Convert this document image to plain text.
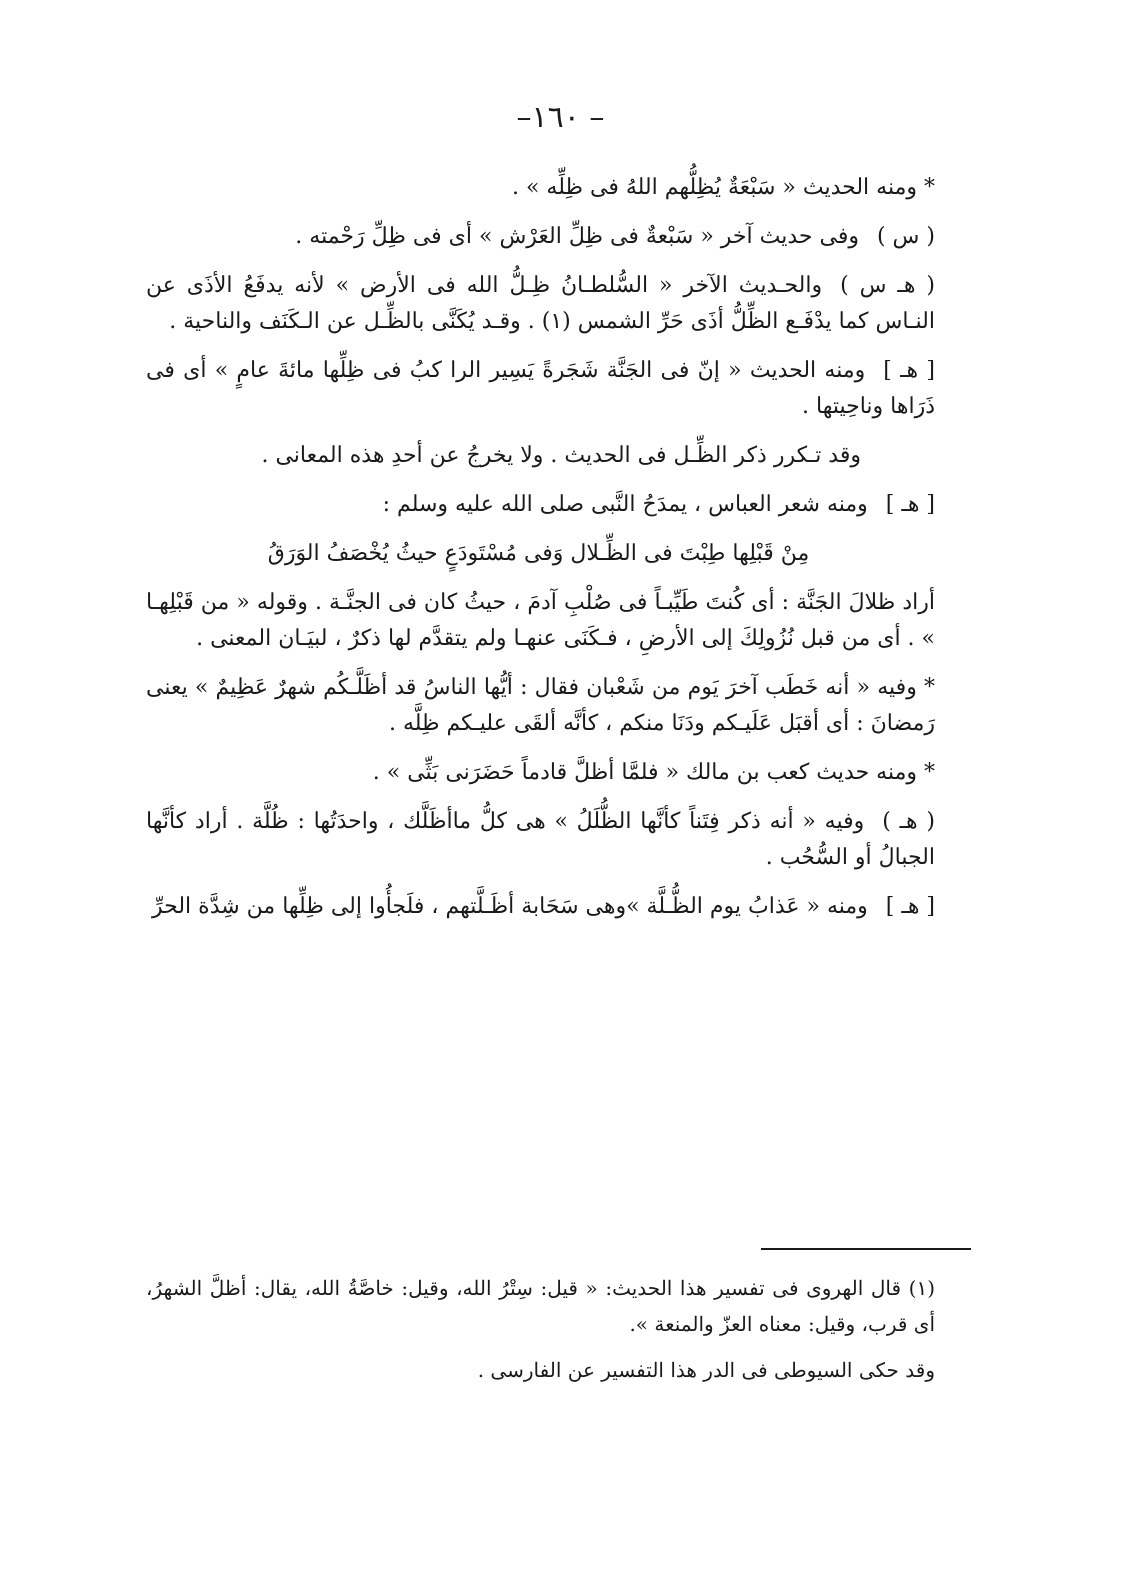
–١٦٠ –

* ومنه الحديث « سَبْعَةٌ يُظِلُّهم اللهُ فى ظِلِّه » .

( س )وفى حديث آخر « سَبْعةٌ فى ظِلِّ العَرْش » أى فى ظِلِّ رَحْمته .

( هـ س )والحـديث الآخر « السُّلطـانُ ظِـلُّ الله فى الأرض » لأنه يدفَعُ الأذَى عن النـاس كما يدْفَـع الظِّلُّ أذَى حَرِّ الشمس (١) . وقـد يُكَنَّى بالظِّـل عن الـكَنَف والناحية .

[ هـ ]ومنه الحديث « إنّ فى الجَنَّة شَجَرةً يَسِير الرا كبُ فى ظِلِّها مائةَ عامٍ » أى فى ذَرَاها وناحِيتها .

وقد تـكرر ذكر الظِّـل فى الحديث . ولا يخرجُ عن أحدِ هذه المعانى .

[ هـ ]ومنه شعر العباس ، يمدَحُ النَّبى صلى الله عليه وسلم :

مِنْ قَبْلِها طِبْتَ فى الظِّـلال وَفى مُسْتَودَعٍ حيثُ يُخْصَفُ الوَرَقُ

أراد ظلالَ الجَنَّة : أى كُنتَ طَيِّبـاً فى صُلْبِ آدمَ ، حيثُ كان فى الجنَّـة . وقوله « من قَبْلِهـا » . أى من قبل نُزُولِكَ إلى الأرضِ ، فـكَنَى عنهـا ولم يتقدَّم لها ذكرٌ ، لبيَـان المعنى .

* وفيه « أنه خَطَب آخرَ يَوم من شَعْبان فقال : أيُّها الناسُ قد أظَلَّـكُم شهرٌ عَظِيمٌ » يعنى رَمضانَ : أى أقبَل عَلَيـكم ودَنَا منكم ، كأنَّه ألقَى عليـكم ظِلَّه .

* ومنه حديث كعب بن مالك « فلمَّا أظلَّ قادماً حَضَرَنى بَثِّى » .

( هـ )وفيه « أنه ذكر فِتَناً كأنَّها الظُّلَلُ » هى كلُّ ماأظَلَّك ، واحدَتُها : ظُلَّة . أراد كأنَّها الجبالُ أو السُّحُب .

[ هـ ]ومنه « عَذابُ يوم الظُّـلَّة »وهى سَحَابة أظَـلَّتهم ، فلَجأُوا إلى ظِلِّها من شِدَّة الحرِّ

(١) قال الهروى فى تفسير هذا الحديث: « قيل: سِتْرُ الله، وقيل: خاصَّةُ الله، يقال: أظلَّ الشهرُ، أى قرب، وقيل: معناه العزّ والمنعة ».

وقد حكى السيوطى فى الدر هذا التفسير عن الفارسى .
